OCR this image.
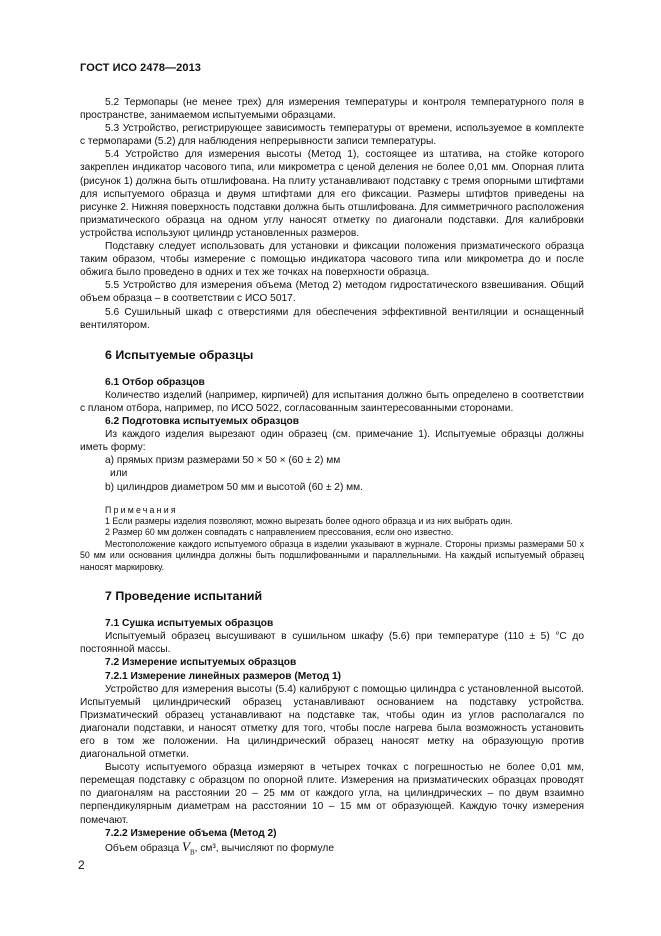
ГОСТ ИСО 2478—2013

5.2 Термопары (не менее трех) для измерения температуры и контроля температурного поля в пространстве, занимаемом испытуемыми образцами.

5.3 Устройство, регистрирующее зависимость температуры от времени, используемое в комплекте с термопарами (5.2) для наблюдения непрерывности записи температуры.

5.4 Устройство для измерения высоты (Метод 1), состоящее из штатива, на стойке которого закреплен индикатор часового типа, или микрометра с ценой деления не более 0,01 мм. Опорная плита (рисунок 1) должна быть отшлифована. На плиту устанавливают подставку с тремя опорными штифтами для испытуемого образца и двумя штифтами для его фиксации. Размеры штифтов приведены на рисунке 2. Нижняя поверхность подставки должна быть отшлифована. Для симметричного расположения призматического образца на одном углу наносят отметку по диагонали подставки. Для калибровки устройства используют цилиндр установленных размеров.

Подставку следует использовать для установки и фиксации положения призматического образца таким образом, чтобы измерение с помощью индикатора часового типа или микрометра до и после обжига было проведено в одних и тех же точках на поверхности образца.

5.5 Устройство для измерения объема (Метод 2) методом гидростатического взвешивания. Общий объем образца – в соответствии с ИСО 5017.

5.6 Сушильный шкаф с отверстиями для обеспечения эффективной вентиляции и оснащенный вентилятором.

6 Испытуемые образцы

6.1 Отбор образцов

Количество изделий (например, кирпичей) для испытания должно быть определено в соответствии с планом отбора, например, по ИСО 5022, согласованным заинтересованными сторонами.

6.2 Подготовка испытуемых образцов

Из каждого изделия вырезают один образец (см. примечание 1). Испытуемые образцы должны иметь форму:

a) прямых призм размерами 50 × 50 × (60 ± 2) мм

или

b) цилиндров диаметром 50 мм и высотой (60 ± 2) мм.

Примечания

1 Если размеры изделия позволяют, можно вырезать более одного образца и из них выбрать один.

2 Размер 60 мм должен совпадать с направлением прессования, если оно известно.

Местоположение каждого испытуемого образца в изделии указывают в журнале. Стороны призмы размерами 50 х 50 мм или основания цилиндра должны быть подшлифованными и параллельными. На каждый испытуемый образец наносят маркировку.

7 Проведение испытаний

7.1 Сушка испытуемых образцов

Испытуемый образец высушивают в сушильном шкафу (5.6) при температуре (110 ± 5) °С до постоянной массы.

7.2 Измерение испытуемых образцов

7.2.1 Измерение линейных размеров (Метод 1)

Устройство для измерения высоты (5.4) калибруют с помощью цилиндра с установленной высотой. Испытуемый цилиндрический образец устанавливают основанием на подставку устройства. Призматический образец устанавливают на подставке так, чтобы один из углов располагался по диагонали подставки, и наносят отметку для того, чтобы после нагрева была возможность установить его в том же положении. На цилиндрический образец наносят метку на образующую против диагональной отметки.

Высоту испытуемого образца измеряют в четырех точках с погрешностью не более 0,01 мм, перемещая подставку с образцом по опорной плите. Измерения на призматических образцах проводят по диагоналям на расстоянии 20 – 25 мм от каждого угла, на цилиндрических – по двум взаимно перпендикулярным диаметрам на расстоянии 10 – 15 мм от образующей. Каждую точку измерения помечают.

7.2.2 Измерение объема (Метод 2)

Объем образца $V_B$, см³, вычисляют по формуле

2
